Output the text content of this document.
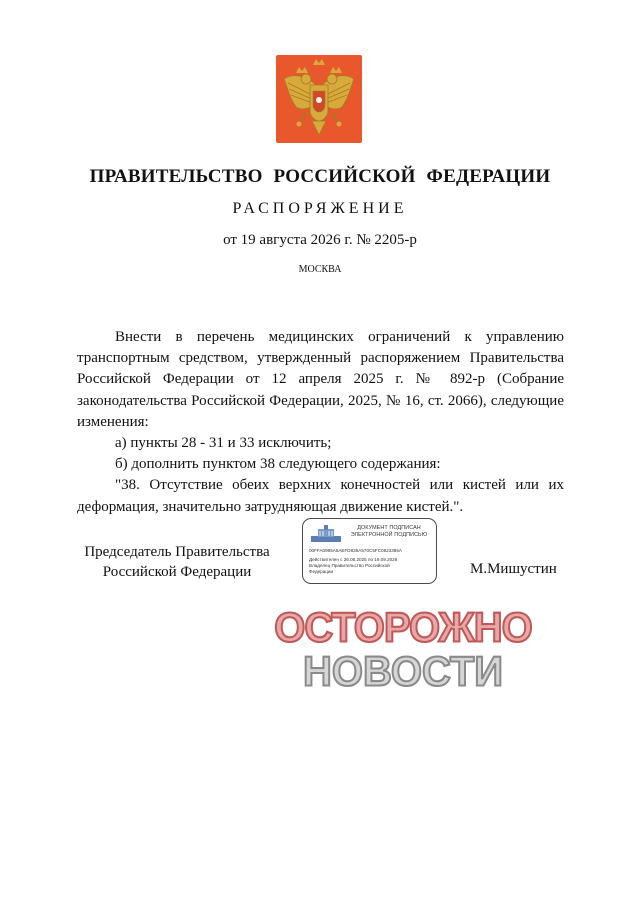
ПРАВИТЕЛЬСТВО РОССИЙСКОЙ ФЕДЕРАЦИИ
РАСПОРЯЖЕНИЕ
от 19 августа 2026 г. № 2205-р
МОСКВА

Внести в перечень медицинских ограничений к управлению транспортным средством, утвержденный распоряжением Правительства Российской Федерации от 12 апреля 2025 г. № 892-р (Собрание законодательства Российской Федерации, 2025, № 16, ст. 2066), следующие изменения:

а) пункты 28 - 31 и 33 исключить;

б) дополнить пунктом 38 следующего содержания:

"38. Отсутствие обеих верхних конечностей или кистей или их деформация, значительно затрудняющая движение кистей.".

Председатель Правительства
Российской Федерации
ДОКУМЕНТ ПОДПИСАН
ЭЛЕКТРОННОЙ ПОДПИСЬЮ
00FFA0995A5AEFD835A570C5FC0823385A
Действителен с 26.06.2025 по 19.09.2026
Владелец Правительство Российской
Федерации	М.Мишустин
ОСТОРОЖНО
НОВОСТИ
